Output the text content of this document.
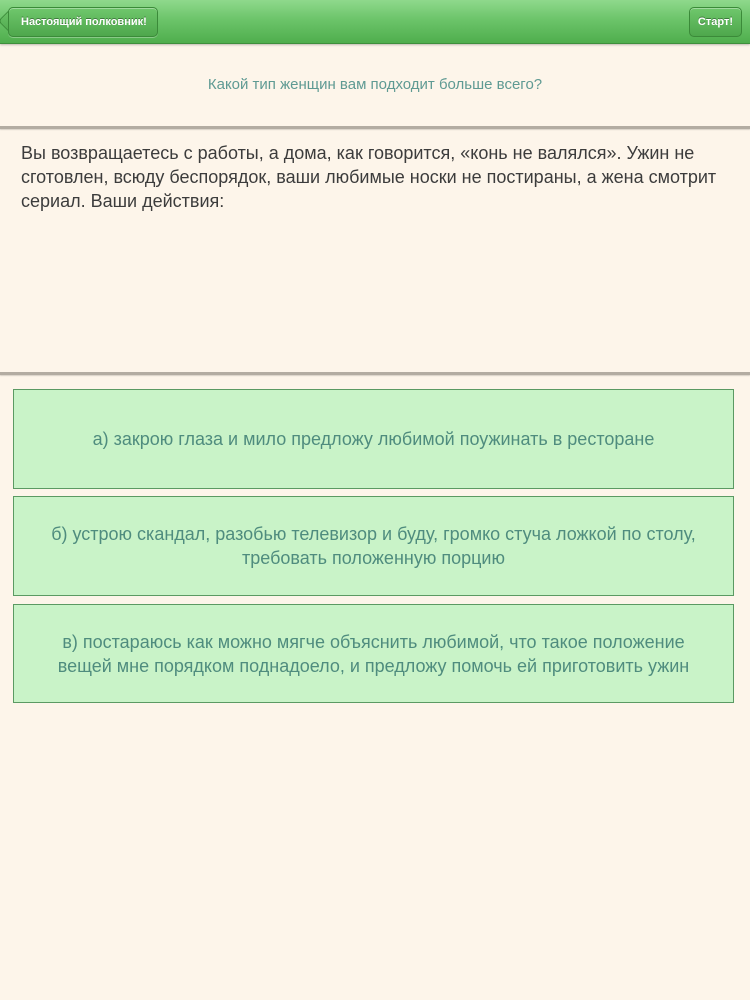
Настоящий полковник!	Старт!
Какой тип женщин вам подходит больше всего?
Вы возвращаетесь с работы, а дома, как говорится, «конь не валялся». Ужин не сготовлен, всюду беспорядок, ваши любимые носки не постираны, а жена смотрит сериал. Ваши действия:
а) закрою глаза и мило предложу любимой поужинать в ресторане
б) устрою скандал, разобью телевизор и буду, громко стуча ложкой по столу, требовать положенную порцию
в) постараюсь как можно мягче объяснить любимой, что такое положение вещей мне порядком поднадоело, и предложу помочь ей приготовить ужин
